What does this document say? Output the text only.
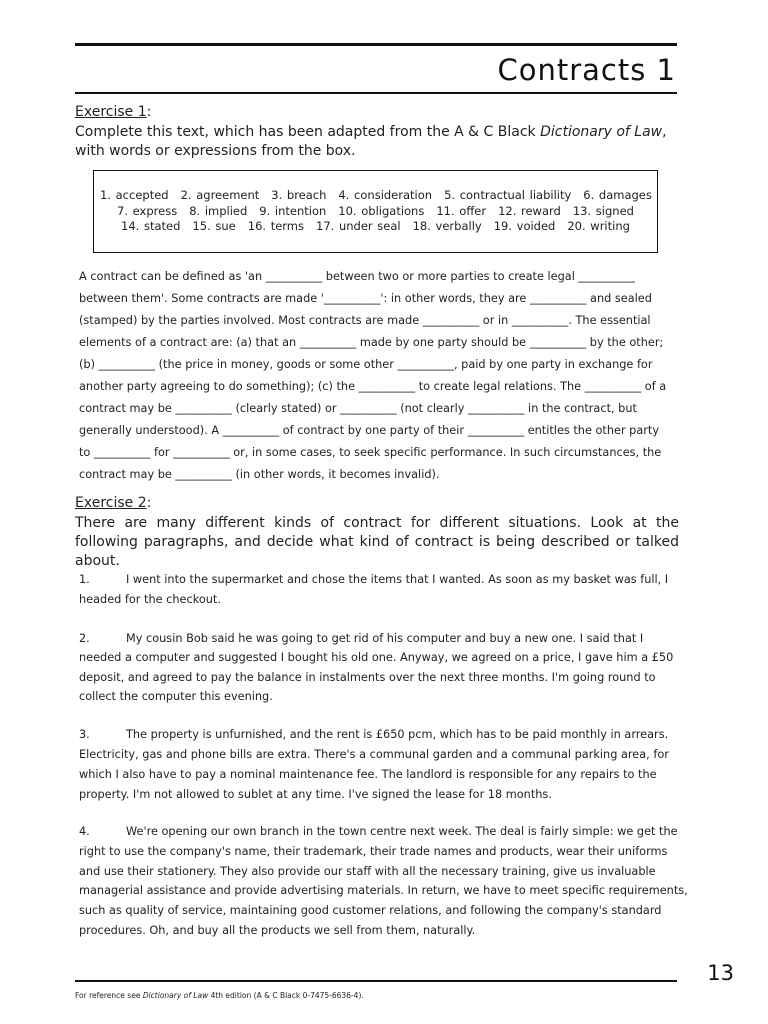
Contracts 1
Exercise 1:
Complete this text, which has been adapted from the A & C Black Dictionary of Law, with words or expressions from the box.
1. accepted 2. agreement 3. breach 4. consideration 5. contractual liability 6. damages
7. express 8. implied 9. intention 10. obligations 11. offer 12. reward 13. signed
14. stated 15. sue 16. terms 17. under seal 18. verbally 19. voided 20. writing
A contract can be defined as 'an __________ between two or more parties to create legal __________
between them'. Some contracts are made '__________': in other words, they are __________ and sealed
(stamped) by the parties involved. Most contracts are made __________ or in __________. The essential
elements of a contract are: (a) that an __________ made by one party should be __________ by the other;
(b) __________ (the price in money, goods or some other __________, paid by one party in exchange for
another party agreeing to do something); (c) the __________ to create legal relations. The __________ of a
contract may be __________ (clearly stated) or __________ (not clearly __________ in the contract, but
generally understood). A __________ of contract by one party of their __________ entitles the other party
to __________ for __________ or, in some cases, to seek specific performance. In such circumstances, the
contract may be __________ (in other words, it becomes invalid).
Exercise 2:
There are many different kinds of contract for different situations. Look at the following paragraphs, and decide what kind of contract is being described or talked about.
1.	I went into the supermarket and chose the items that I wanted. As soon as my basket was full, I
headed for the checkout.
2.	My cousin Bob said he was going to get rid of his computer and buy a new one. I said that I
needed a computer and suggested I bought his old one. Anyway, we agreed on a price, I gave him a £50
deposit, and agreed to pay the balance in instalments over the next three months. I'm going round to
collect the computer this evening.
3.	The property is unfurnished, and the rent is £650 pcm, which has to be paid monthly in arrears.
Electricity, gas and phone bills are extra. There's a communal garden and a communal parking area, for
which I also have to pay a nominal maintenance fee. The landlord is responsible for any repairs to the
property. I'm not allowed to sublet at any time. I've signed the lease for 18 months.
4.	We're opening our own branch in the town centre next week. The deal is fairly simple: we get the
right to use the company's name, their trademark, their trade names and products, wear their uniforms
and use their stationery. They also provide our staff with all the necessary training, give us invaluable
managerial assistance and provide advertising materials. In return, we have to meet specific requirements,
such as quality of service, maintaining good customer relations, and following the company's standard
procedures. Oh, and buy all the products we sell from them, naturally.
13
For reference see Dictionary of Law 4th edition (A & C Black 0-7475-6636-4).
